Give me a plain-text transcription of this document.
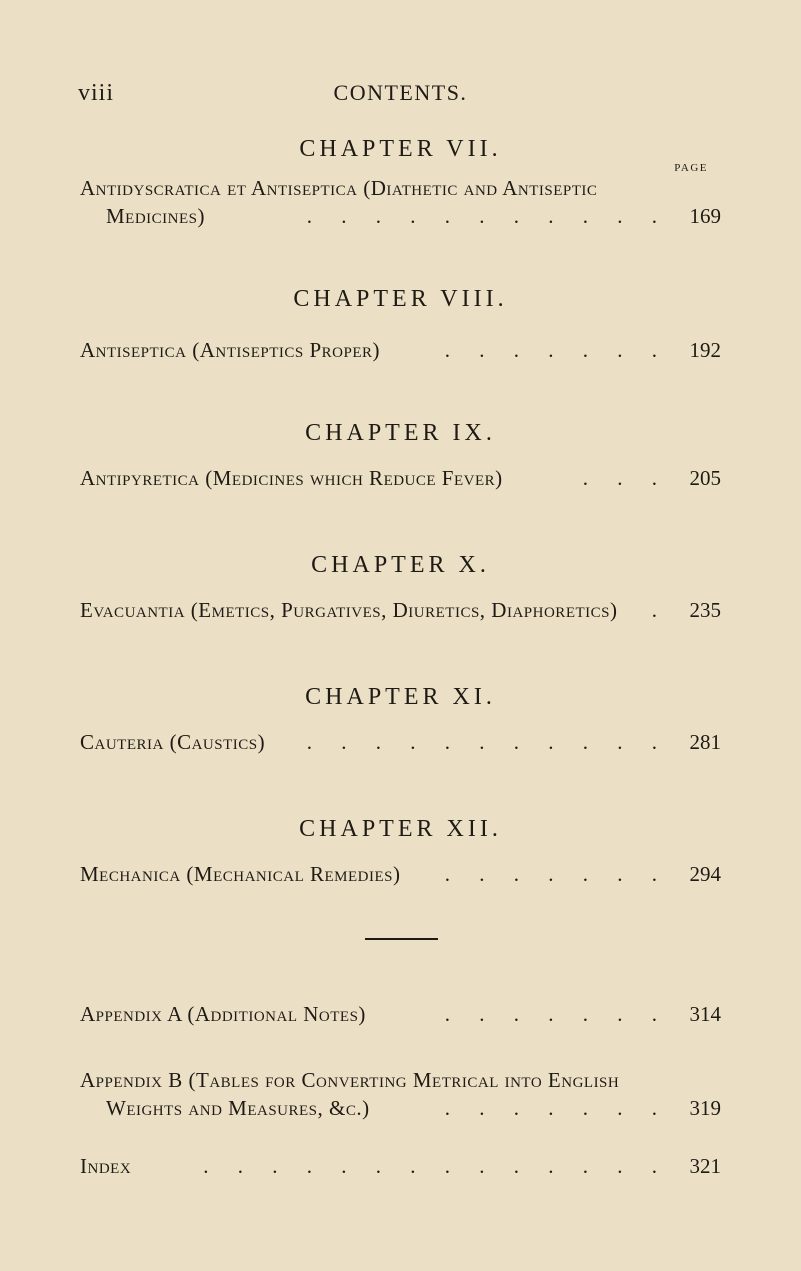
viii	CONTENTS.
CHAPTER VII.
PAGE
Antidyscratica et Antiseptica (Diathetic and Antiseptic
Medicines)	. . . . . . . . . . . 169
CHAPTER VIII.
Antiseptica (Antiseptics Proper)	. . . . . . . 192
CHAPTER IX.
Antipyretica (Medicines which Reduce Fever)	. . . 205
CHAPTER X.
Evacuantia (Emetics, Purgatives, Diuretics, Diaphoretics) . 235
CHAPTER XI.
Cauteria (Caustics) . . . . . . . . . . . 281
CHAPTER XII.
Mechanica (Mechanical Remedies) . . . . . . . 294
Appendix A (Additional Notes)	. . . . . . . 314
Appendix B (Tables for Converting Metrical into English
Weights and Measures, &c.)	. . . . . . . 319
Index	. . . . . . . . . . . . . . 321
